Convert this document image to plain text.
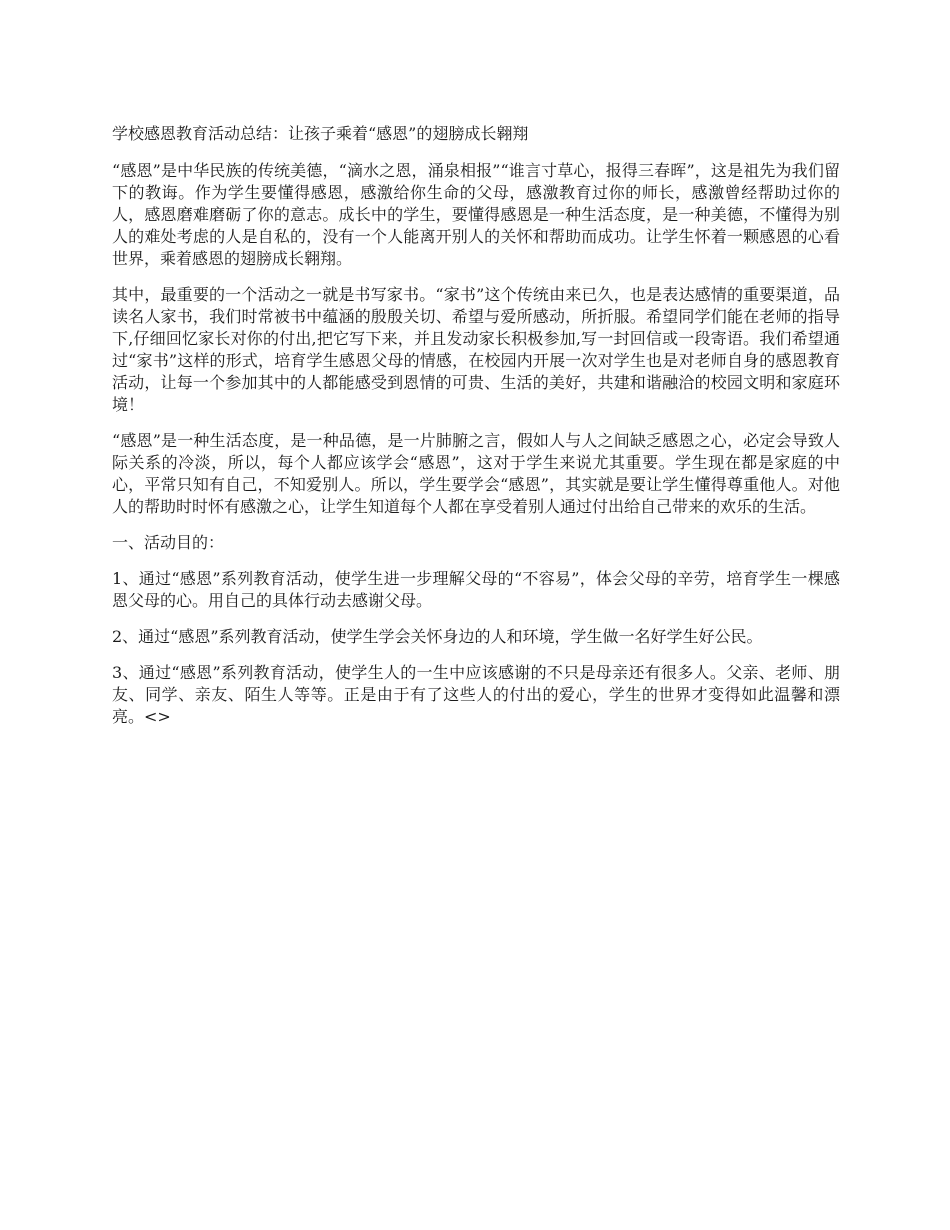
学校感恩教育活动总结：让孩子乘着“感恩”的翅膀成长翱翔

“感恩”是中华民族的传统美德，“滴水之恩，涌泉相报”“谁言寸草心，报得三春晖”，这是祖先为我们留下的教诲。作为学生要懂得感恩，感激给你生命的父母，感激教育过你的师长，感激曾经帮助过你的人，感恩磨难磨砺了你的意志。成长中的学生，要懂得感恩是一种生活态度，是一种美德，不懂得为别人的难处考虑的人是自私的，没有一个人能离开别人的关怀和帮助而成功。让学生怀着一颗感恩的心看世界，乘着感恩的翅膀成长翱翔。

其中，最重要的一个活动之一就是书写家书。“家书”这个传统由来已久，也是表达感情的重要渠道，品读名人家书，我们时常被书中蕴涵的殷殷关切、希望与爱所感动，所折服。希望同学们能在老师的指导下,仔细回忆家长对你的付出,把它写下来，并且发动家长积极参加,写一封回信或一段寄语。我们希望通过“家书”这样的形式，培育学生感恩父母的情感，在校园内开展一次对学生也是对老师自身的感恩教育活动，让每一个参加其中的人都能感受到恩情的可贵、生活的美好，共建和谐融洽的校园文明和家庭环境！

“感恩”是一种生活态度，是一种品德，是一片肺腑之言，假如人与人之间缺乏感恩之心，必定会导致人际关系的冷淡，所以，每个人都应该学会“感恩”，这对于学生来说尤其重要。学生现在都是家庭的中心，平常只知有自己，不知爱别人。所以，学生要学会“感恩”，其实就是要让学生懂得尊重他人。对他人的帮助时时怀有感激之心，让学生知道每个人都在享受着别人通过付出给自己带来的欢乐的生活。

一、活动目的：

1、通过“感恩”系列教育活动，使学生进一步理解父母的“不容易”，体会父母的辛劳，培育学生一棵感恩父母的心。用自己的具体行动去感谢父母。

2、通过“感恩”系列教育活动，使学生学会关怀身边的人和环境，学生做一名好学生好公民。

3、通过“感恩”系列教育活动，使学生人的一生中应该感谢的不只是母亲还有很多人。父亲、老师、朋友、同学、亲友、陌生人等等。正是由于有了这些人的付出的爱心，学生的世界才变得如此温馨和漂亮。<>
